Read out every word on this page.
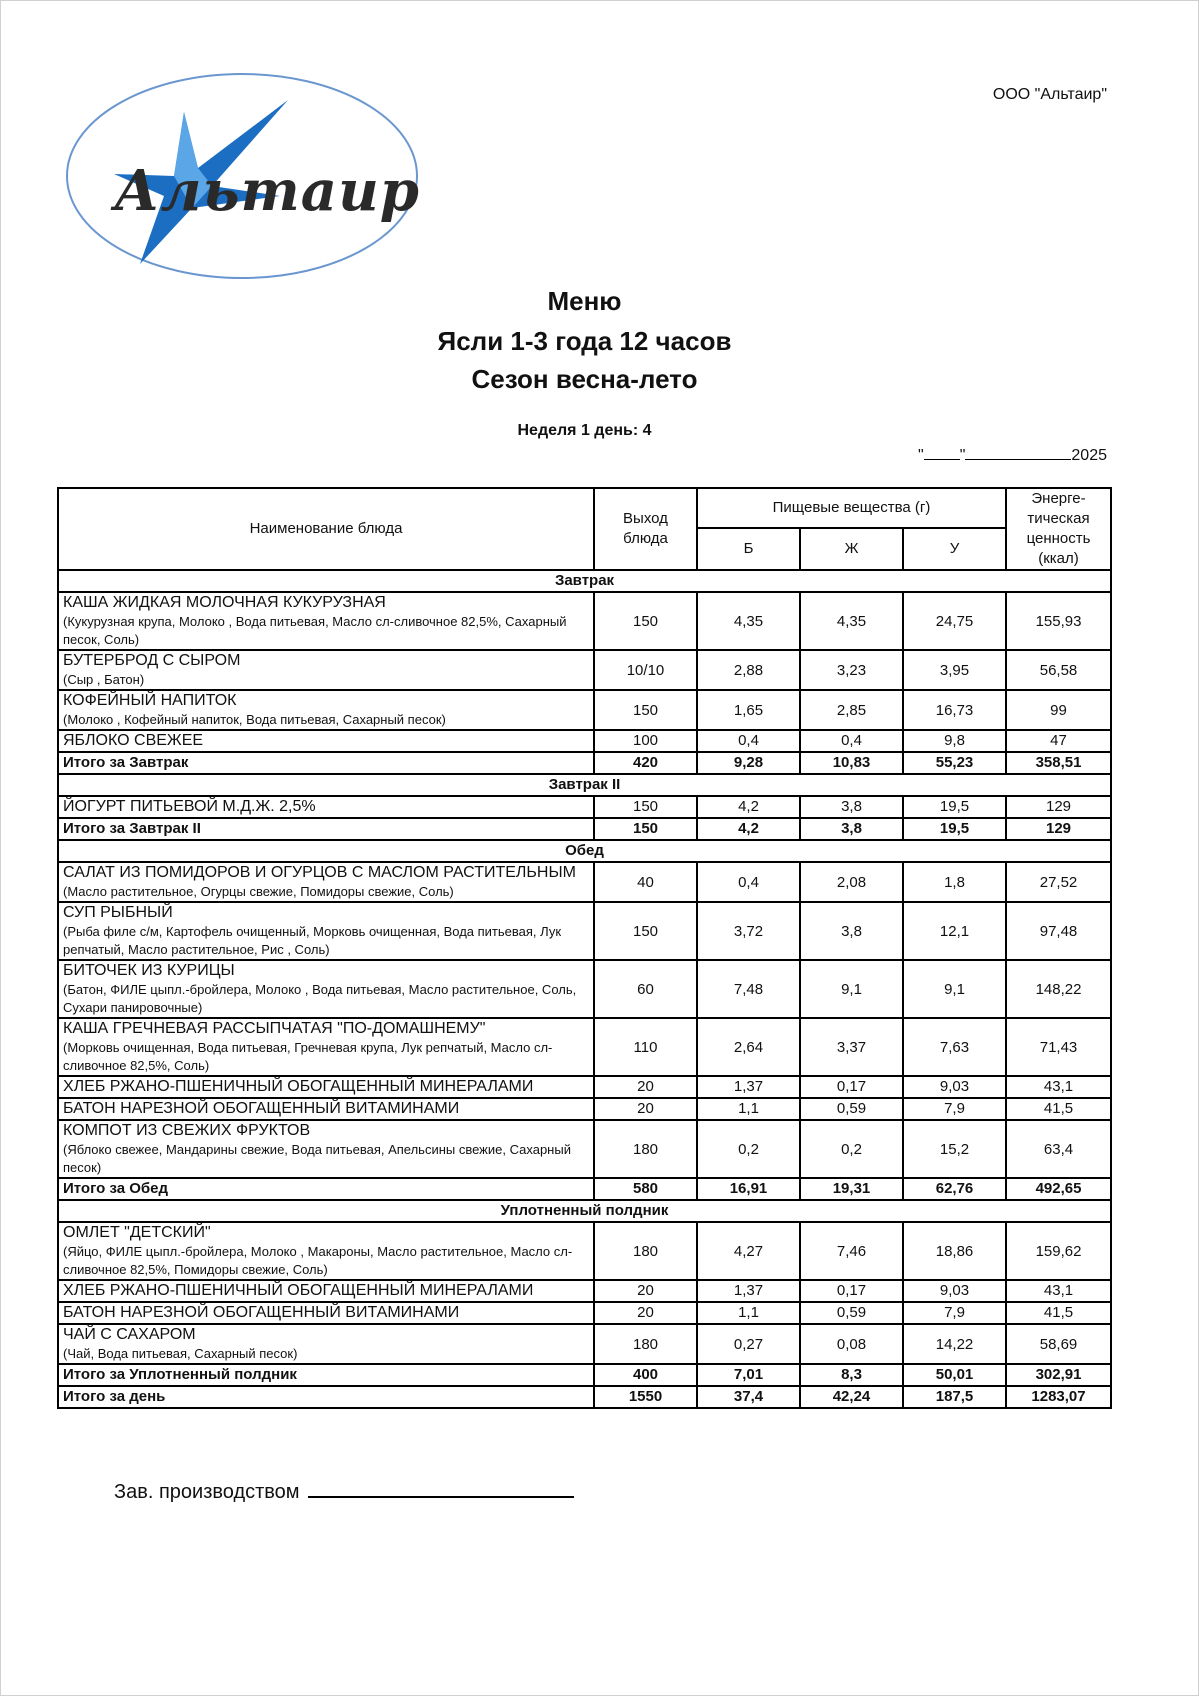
ООО "Альтаир"
Альтаир
Меню
Ясли 1-3 года 12 часов
Сезон весна-лето
Неделя 1 день: 4
" "	2025
Наименование блюда	Выход блюда	Пищевые вещества (г)			Энерге-тическая ценность (ккал)
		Б	Ж	У	
Завтрак					

КАША ЖИДКАЯ МОЛОЧНАЯ КУКУРУЗНАЯ
(Кукурузная крупа, Молоко , Вода питьевая, Масло сл-сливочное 82,5%, Сахарный песок, Соль)	150	4,35	4,35	24,75	155,93

БУТЕРБРОД С СЫРОМ
(Сыр , Батон)	10/10	2,88	3,23	3,95	56,58

КОФЕЙНЫЙ НАПИТОК
(Молоко , Кофейный напиток, Вода питьевая, Сахарный песок)	150	1,65	2,85	16,73	99

ЯБЛОКО СВЕЖЕЕ	100	0,4	0,4	9,8	47
Итого за Завтрак	420	9,28	10,83	55,23	358,51
Завтрак II					

ЙОГУРТ ПИТЬЕВОЙ М.Д.Ж. 2,5%	150	4,2	3,8	19,5	129
Итого за Завтрак II	150	4,2	3,8	19,5	129
Обед					

САЛАТ ИЗ ПОМИДОРОВ И ОГУРЦОВ С МАСЛОМ РАСТИТЕЛЬНЫМ
(Масло растительное, Огурцы свежие, Помидоры свежие, Соль)	40	0,4	2,08	1,8	27,52

СУП РЫБНЫЙ
(Рыба филе с/м, Картофель очищенный, Морковь очищенная, Вода питьевая, Лук репчатый, Масло растительное, Рис , Соль)	150	3,72	3,8	12,1	97,48

БИТОЧЕК ИЗ КУРИЦЫ
(Батон, ФИЛЕ цыпл.-бройлера, Молоко , Вода питьевая, Масло растительное, Соль, Сухари панировочные)	60	7,48	9,1	9,1	148,22

КАША ГРЕЧНЕВАЯ РАССЫПЧАТАЯ "ПО-ДОМАШНЕМУ"
(Морковь очищенная, Вода питьевая, Гречневая крупа, Лук репчатый, Масло сл-сливочное 82,5%, Соль)	110	2,64	3,37	7,63	71,43

ХЛЕБ РЖАНО-ПШЕНИЧНЫЙ ОБОГАЩЕННЫЙ МИНЕРАЛАМИ	20	1,37	0,17	9,03	43,1

БАТОН НАРЕЗНОЙ ОБОГАЩЕННЫЙ ВИТАМИНАМИ	20	1,1	0,59	7,9	41,5

КОМПОТ ИЗ СВЕЖИХ ФРУКТОВ
(Яблоко свежее, Мандарины свежие, Вода питьевая, Апельсины свежие, Сахарный песок)	180	0,2	0,2	15,2	63,4
Итого за Обед	580	16,91	19,31	62,76	492,65
Уплотненный полдник					

ОМЛЕТ "ДЕТСКИЙ"
(Яйцо, ФИЛЕ цыпл.-бройлера, Молоко , Макароны, Масло растительное, Масло сл-сливочное 82,5%, Помидоры свежие, Соль)	180	4,27	7,46	18,86	159,62

ХЛЕБ РЖАНО-ПШЕНИЧНЫЙ ОБОГАЩЕННЫЙ МИНЕРАЛАМИ	20	1,37	0,17	9,03	43,1

БАТОН НАРЕЗНОЙ ОБОГАЩЕННЫЙ ВИТАМИНАМИ	20	1,1	0,59	7,9	41,5

ЧАЙ С САХАРОМ
(Чай, Вода питьевая, Сахарный песок)	180	0,27	0,08	14,22	58,69
Итого за Уплотненный полдник	400	7,01	8,3	50,01	302,91
Итого за день	1550	37,4	42,24	187,5	1283,07
Зав. производством
